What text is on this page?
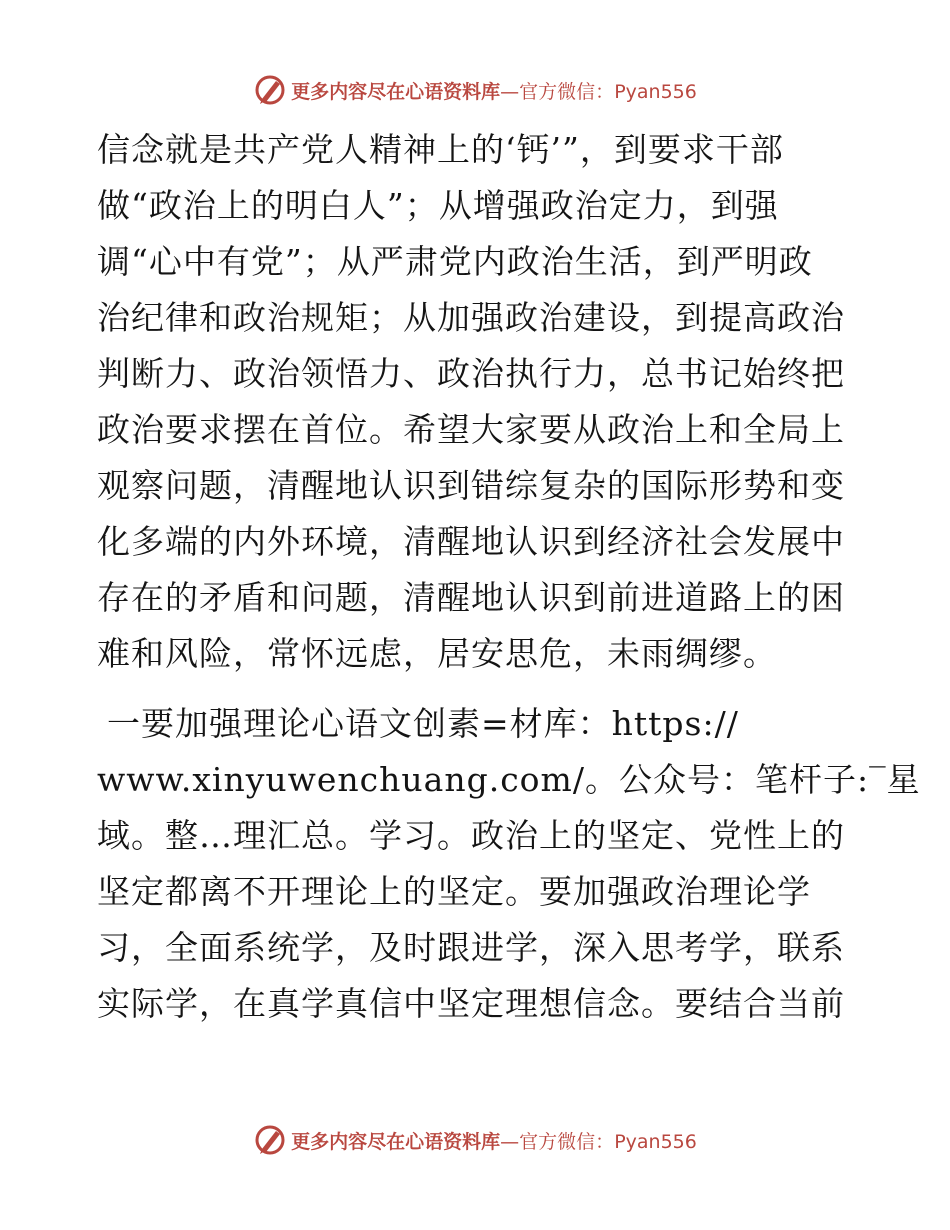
更多内容尽在心语资料库—官方微信：Pyan556
信念就是共产党人精神上的‘钙’”，到要求干部
做“政治上的明白人”；从增强政治定力，到强
调“心中有党”；从严肃党内政治生活，到严明政
治纪律和政治规矩；从加强政治建设，到提高政治
判断力、政治领悟力、政治执行力，总书记始终把
政治要求摆在首位。希望大家要从政治上和全局上
观察问题，清醒地认识到错综复杂的国际形势和变
化多端的内外环境，清醒地认识到经济社会发展中
存在的矛盾和问题，清醒地认识到前进道路上的困
难和风险，常怀远虑，居安思危，未雨绸缪。
一要加强理论心语文创素=材库：https://
www.xinyuwenchuang.com/。公众号：笔杆子:‾星
域。整…理汇总。学习。政治上的坚定、党性上的
坚定都离不开理论上的坚定。要加强政治理论学
习，全面系统学，及时跟进学，深入思考学，联系
实际学，在真学真信中坚定理想信念。要结合当前
更多内容尽在心语资料库—官方微信：Pyan556
